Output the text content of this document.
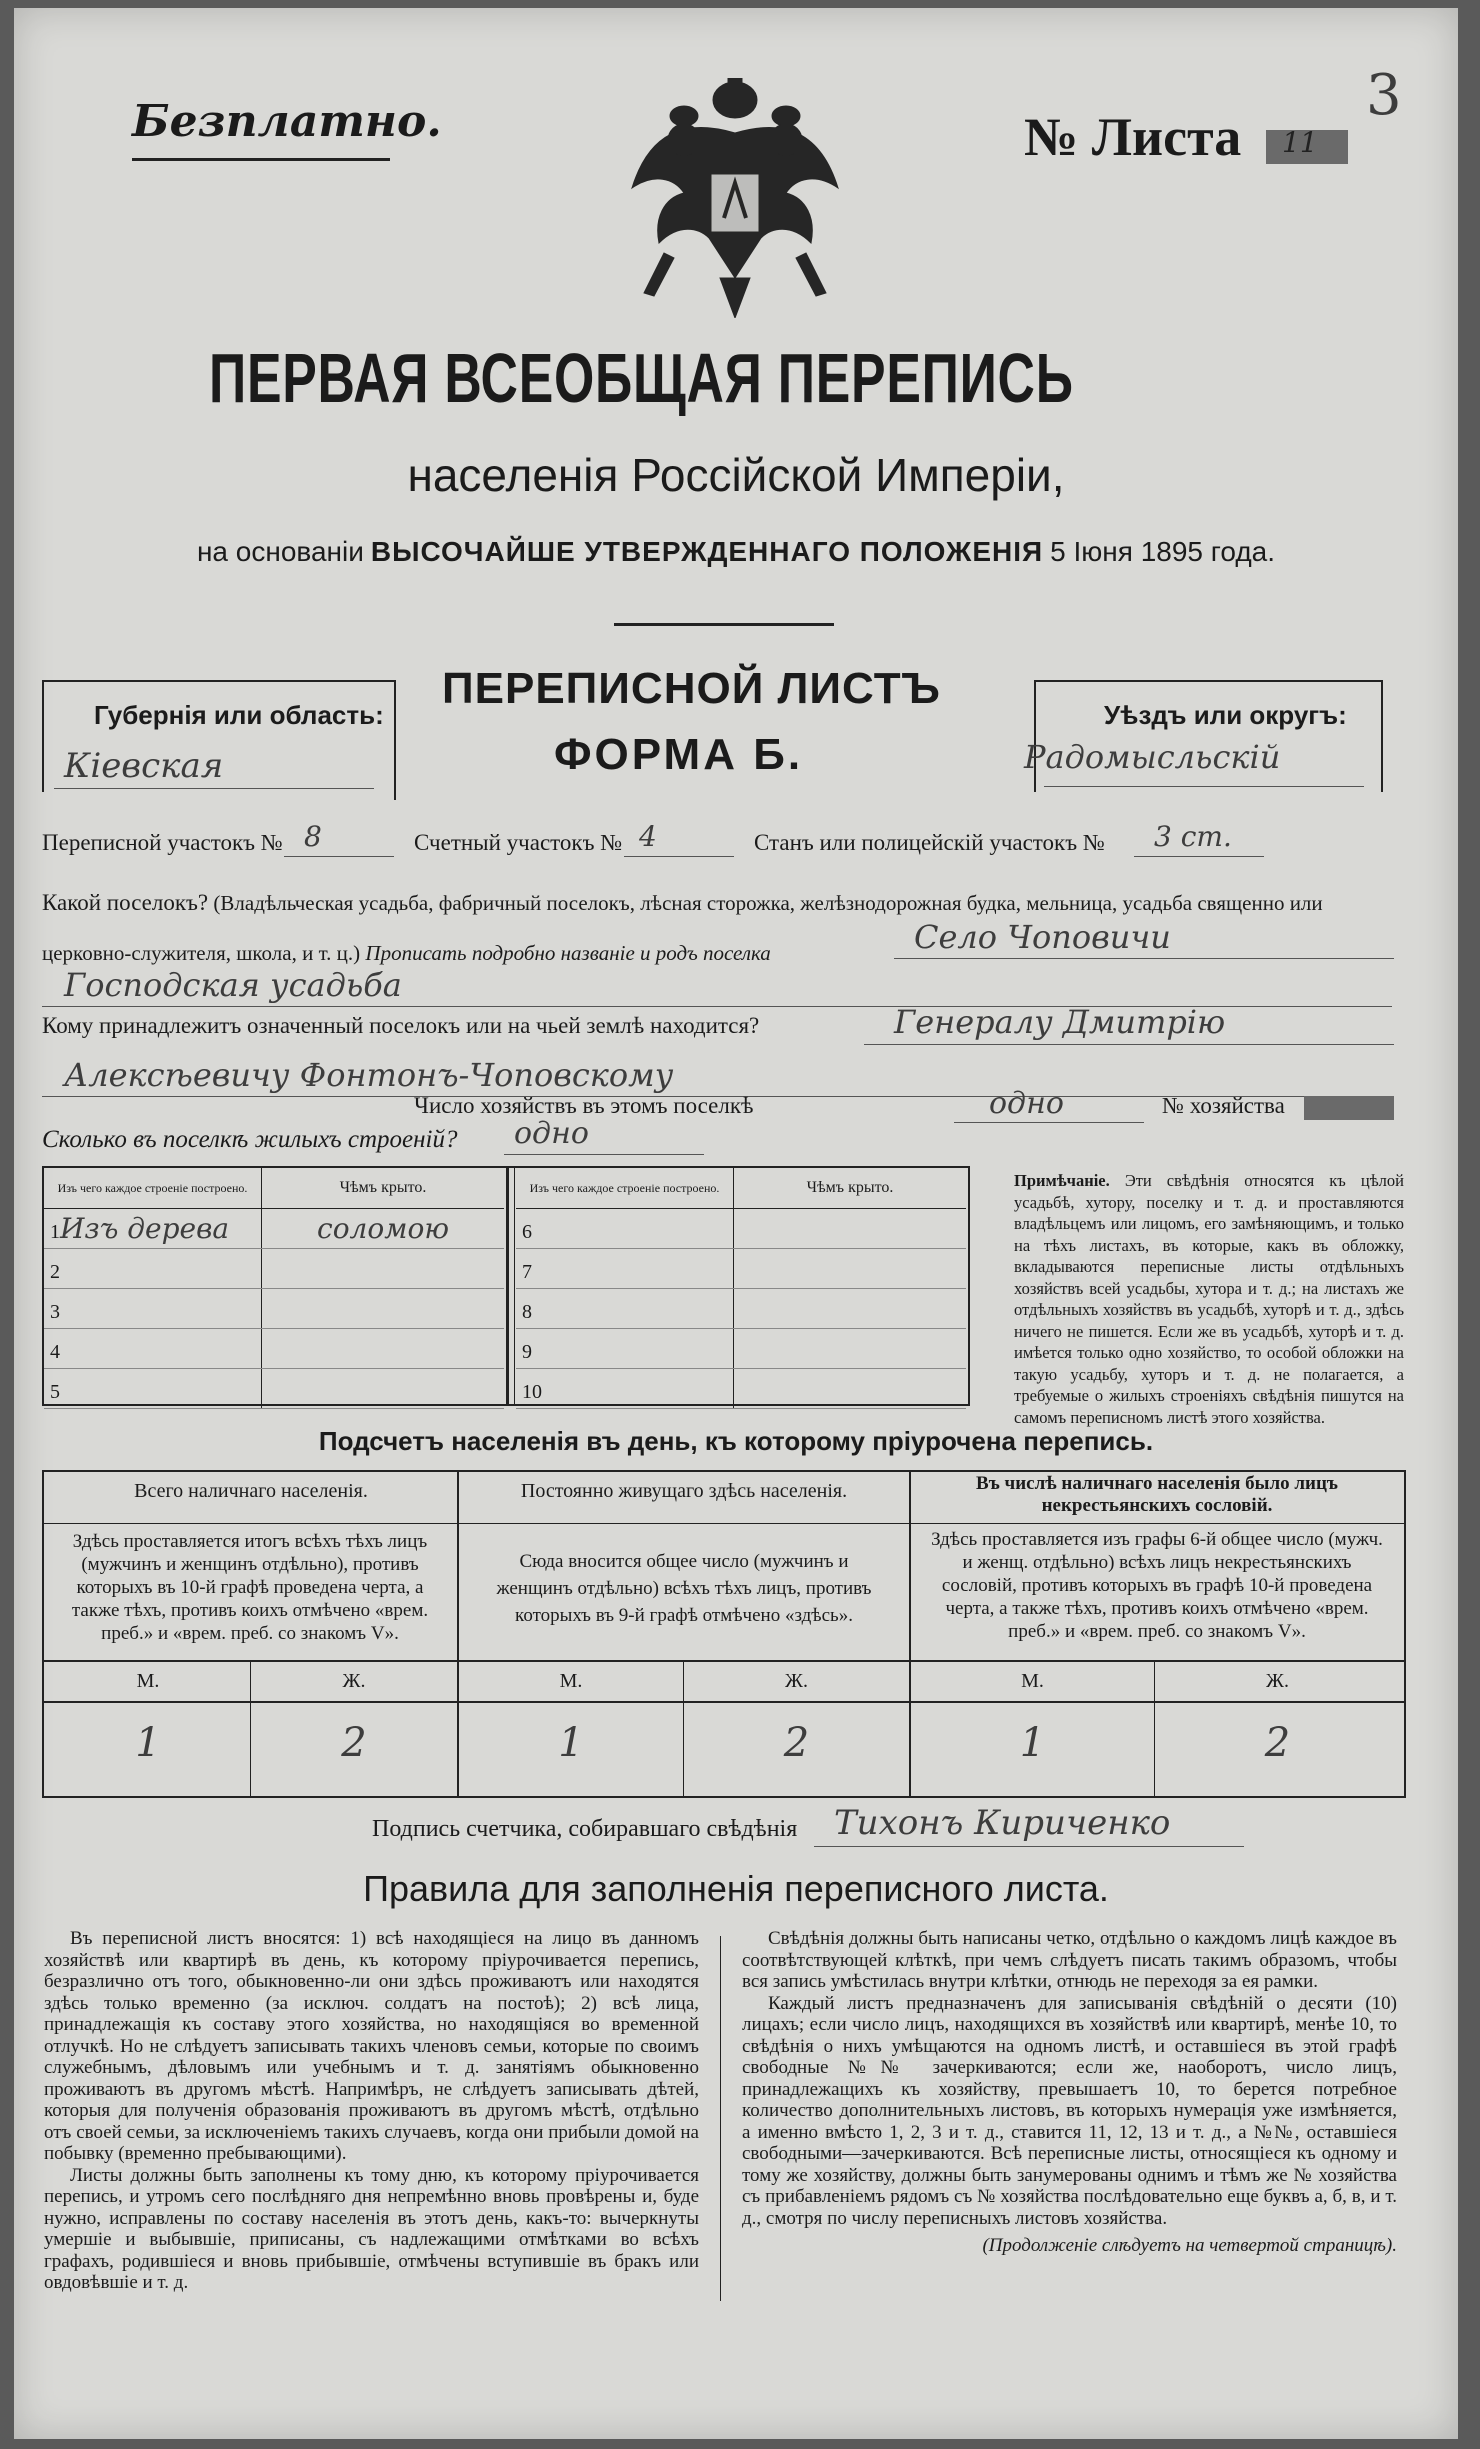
3
Безплатно.	№ Листа 11
ПЕРВАЯ ВСЕОБЩАЯ ПЕРЕПИСЬ
населенія Россійской Имперіи,
на основаніи ВЫСОЧАЙШЕ УТВЕРЖДЕННАГО ПОЛОЖЕНІЯ 5 Іюня 1895 года.
Губернія или область:
Кіевская
ПЕРЕПИСНОЙ ЛИСТЪ
ФОРМА Б.
Уѣздъ или округъ:
Радомысльскій
Переписной участокъ № 8	Счетный участокъ № 4	Станъ или полицейскій участокъ № 3 ст.
Какой поселокъ? (Владѣльческая усадьба, фабричный поселокъ, лѣсная сторожка, желѣзнодорожная будка, мельница, усадьба священно или церковно-служителя, школа, и т. ц.) Прописать подробно названіе и родъ поселка	Село Чоповичи
Господская усадьба
Кому принадлежитъ означенный поселокъ или на чьей землѣ находится?	Генералу Дмитрію
Алексѣевичу Фонтонъ-Чоповскому
Число хозяйствъ въ этомъ поселкѣ	одно	№ хозяйства
Сколько въ поселкѣ жилыхъ строеній? одно
Изъ чего каждое строеніе построено.	Чѣмъ крыто.
1Изъ дерева	соломою
2	
3	
4	
5	
Изъ чего каждое строеніе построено.	Чѣмъ крыто.
6	
7	
8	
9	
10	
Примѣчаніе. Эти свѣдѣнія относятся къ цѣлой усадьбѣ, хутору, поселку и т. д. и проставляются владѣльцемъ или лицомъ, его замѣняющимъ, и только на тѣхъ листахъ, въ которые, какъ въ обложку, вкладываются переписные листы отдѣльныхъ хозяйствъ всей усадьбы, хутора и т. д.; на листахъ же отдѣльныхъ хозяйствъ въ усадьбѣ, хуторѣ и т. д., здѣсь ничего не пишется. Если же въ усадьбѣ, хуторѣ и т. д. имѣется только одно хозяйство, то особой обложки на такую усадьбу, хуторъ и т. д. не полагается, а требуемые о жилыхъ строеніяхъ свѣдѣнія пишутся на самомъ переписномъ листѣ этого хозяйства.
Подсчетъ населенія въ день, къ которому пріурочена перепись.
Всего наличнаго населенія.
Здѣсь проставляется итогъ всѣхъ тѣхъ лицъ (мужчинъ и женщинъ отдѣльно), противъ которыхъ въ 10-й графѣ проведена черта, а также тѣхъ, противъ коихъ отмѣчено «врем. преб.» и «врем. преб. со знакомъ V».
Постоянно живущаго здѣсь населенія.
Сюда вносится общее число (мужчинъ и женщинъ отдѣльно) всѣхъ тѣхъ лицъ, противъ которыхъ въ 9-й графѣ отмѣчено «здѣсь».
Въ числѣ наличнаго населенія было лицъ некрестьянскихъ сословій.
Здѣсь проставляется изъ графы 6-й общее число (мужч. и женщ. отдѣльно) всѣхъ лицъ некрестьянскихъ сословій, противъ которыхъ въ графѣ 10-й проведена черта, а также тѣхъ, противъ коихъ отмѣчено «врем. преб.» и «врем. преб. со знакомъ V».
М.	Ж.	М.	Ж.	М.	Ж.
1	2	1	2	1	2
Подпись счетчика, собиравшаго свѣдѣнія Тихонъ Кириченко
Правила для заполненія переписного листа.
Въ переписной листъ вносятся: 1) всѣ находящіеся на лицо въ данномъ хозяйствѣ или квартирѣ въ день, къ которому пріурочивается перепись, безразлично отъ того, обыкновенно-ли они здѣсь проживаютъ или находятся здѣсь только временно (за исключ. солдатъ на постоѣ); 2) всѣ лица, принадлежащія къ составу этого хозяйства, но находящіяся во временной отлучкѣ. Но не слѣдуетъ записывать такихъ членовъ семьи, которые по своимъ служебнымъ, дѣловымъ или учебнымъ и т. д. занятіямъ обыкновенно проживаютъ въ другомъ мѣстѣ. Напримѣръ, не слѣдуетъ записывать дѣтей, которыя для полученія образованія проживаютъ въ другомъ мѣстѣ, отдѣльно отъ своей семьи, за исключеніемъ такихъ случаевъ, когда они прибыли домой на побывку (временно пребывающими).
Листы должны быть заполнены къ тому дню, къ которому пріурочивается перепись, и утромъ сего послѣдняго дня непремѣнно вновь провѣрены и, буде нужно, исправлены по составу населенія въ этотъ день, какъ-то: вычеркнуты умершіе и выбывшіе, приписаны, съ надлежащими отмѣтками во всѣхъ графахъ, родившіеся и вновь прибывшіе, отмѣчены вступившіе въ бракъ или овдовѣвшіе и т. д.
Свѣдѣнія должны быть написаны четко, отдѣльно о каждомъ лицѣ каждое въ соотвѣтствующей клѣткѣ, при чемъ слѣдуетъ писать такимъ образомъ, чтобы вся запись умѣстилась внутри клѣтки, отнюдь не переходя за ея рамки.
Каждый листъ предназначенъ для записыванія свѣдѣній о десяти (10) лицахъ; если число лицъ, находящихся въ хозяйствѣ или квартирѣ, менѣе 10, то свѣдѣнія о нихъ умѣщаются на одномъ листѣ, и оставшіеся въ этой графѣ свободные №№ зачеркиваются; если же, наоборотъ, число лицъ, принадлежащихъ къ хозяйству, превышаетъ 10, то берется потребное количество дополнительныхъ листовъ, въ которыхъ нумерація уже измѣняется, а именно вмѣсто 1, 2, 3 и т. д., ставится 11, 12, 13 и т. д., а №№, оставшіеся свободными—зачеркиваются. Всѣ переписные листы, относящіеся къ одному и тому же хозяйству, должны быть занумерованы однимъ и тѣмъ же № хозяйства съ прибавленіемъ рядомъ съ № хозяйства послѣдовательно еще буквъ а, б, в, и т. д., смотря по числу переписныхъ листовъ хозяйства.
(Продолженіе слѣдуетъ на четвертой страницѣ).
